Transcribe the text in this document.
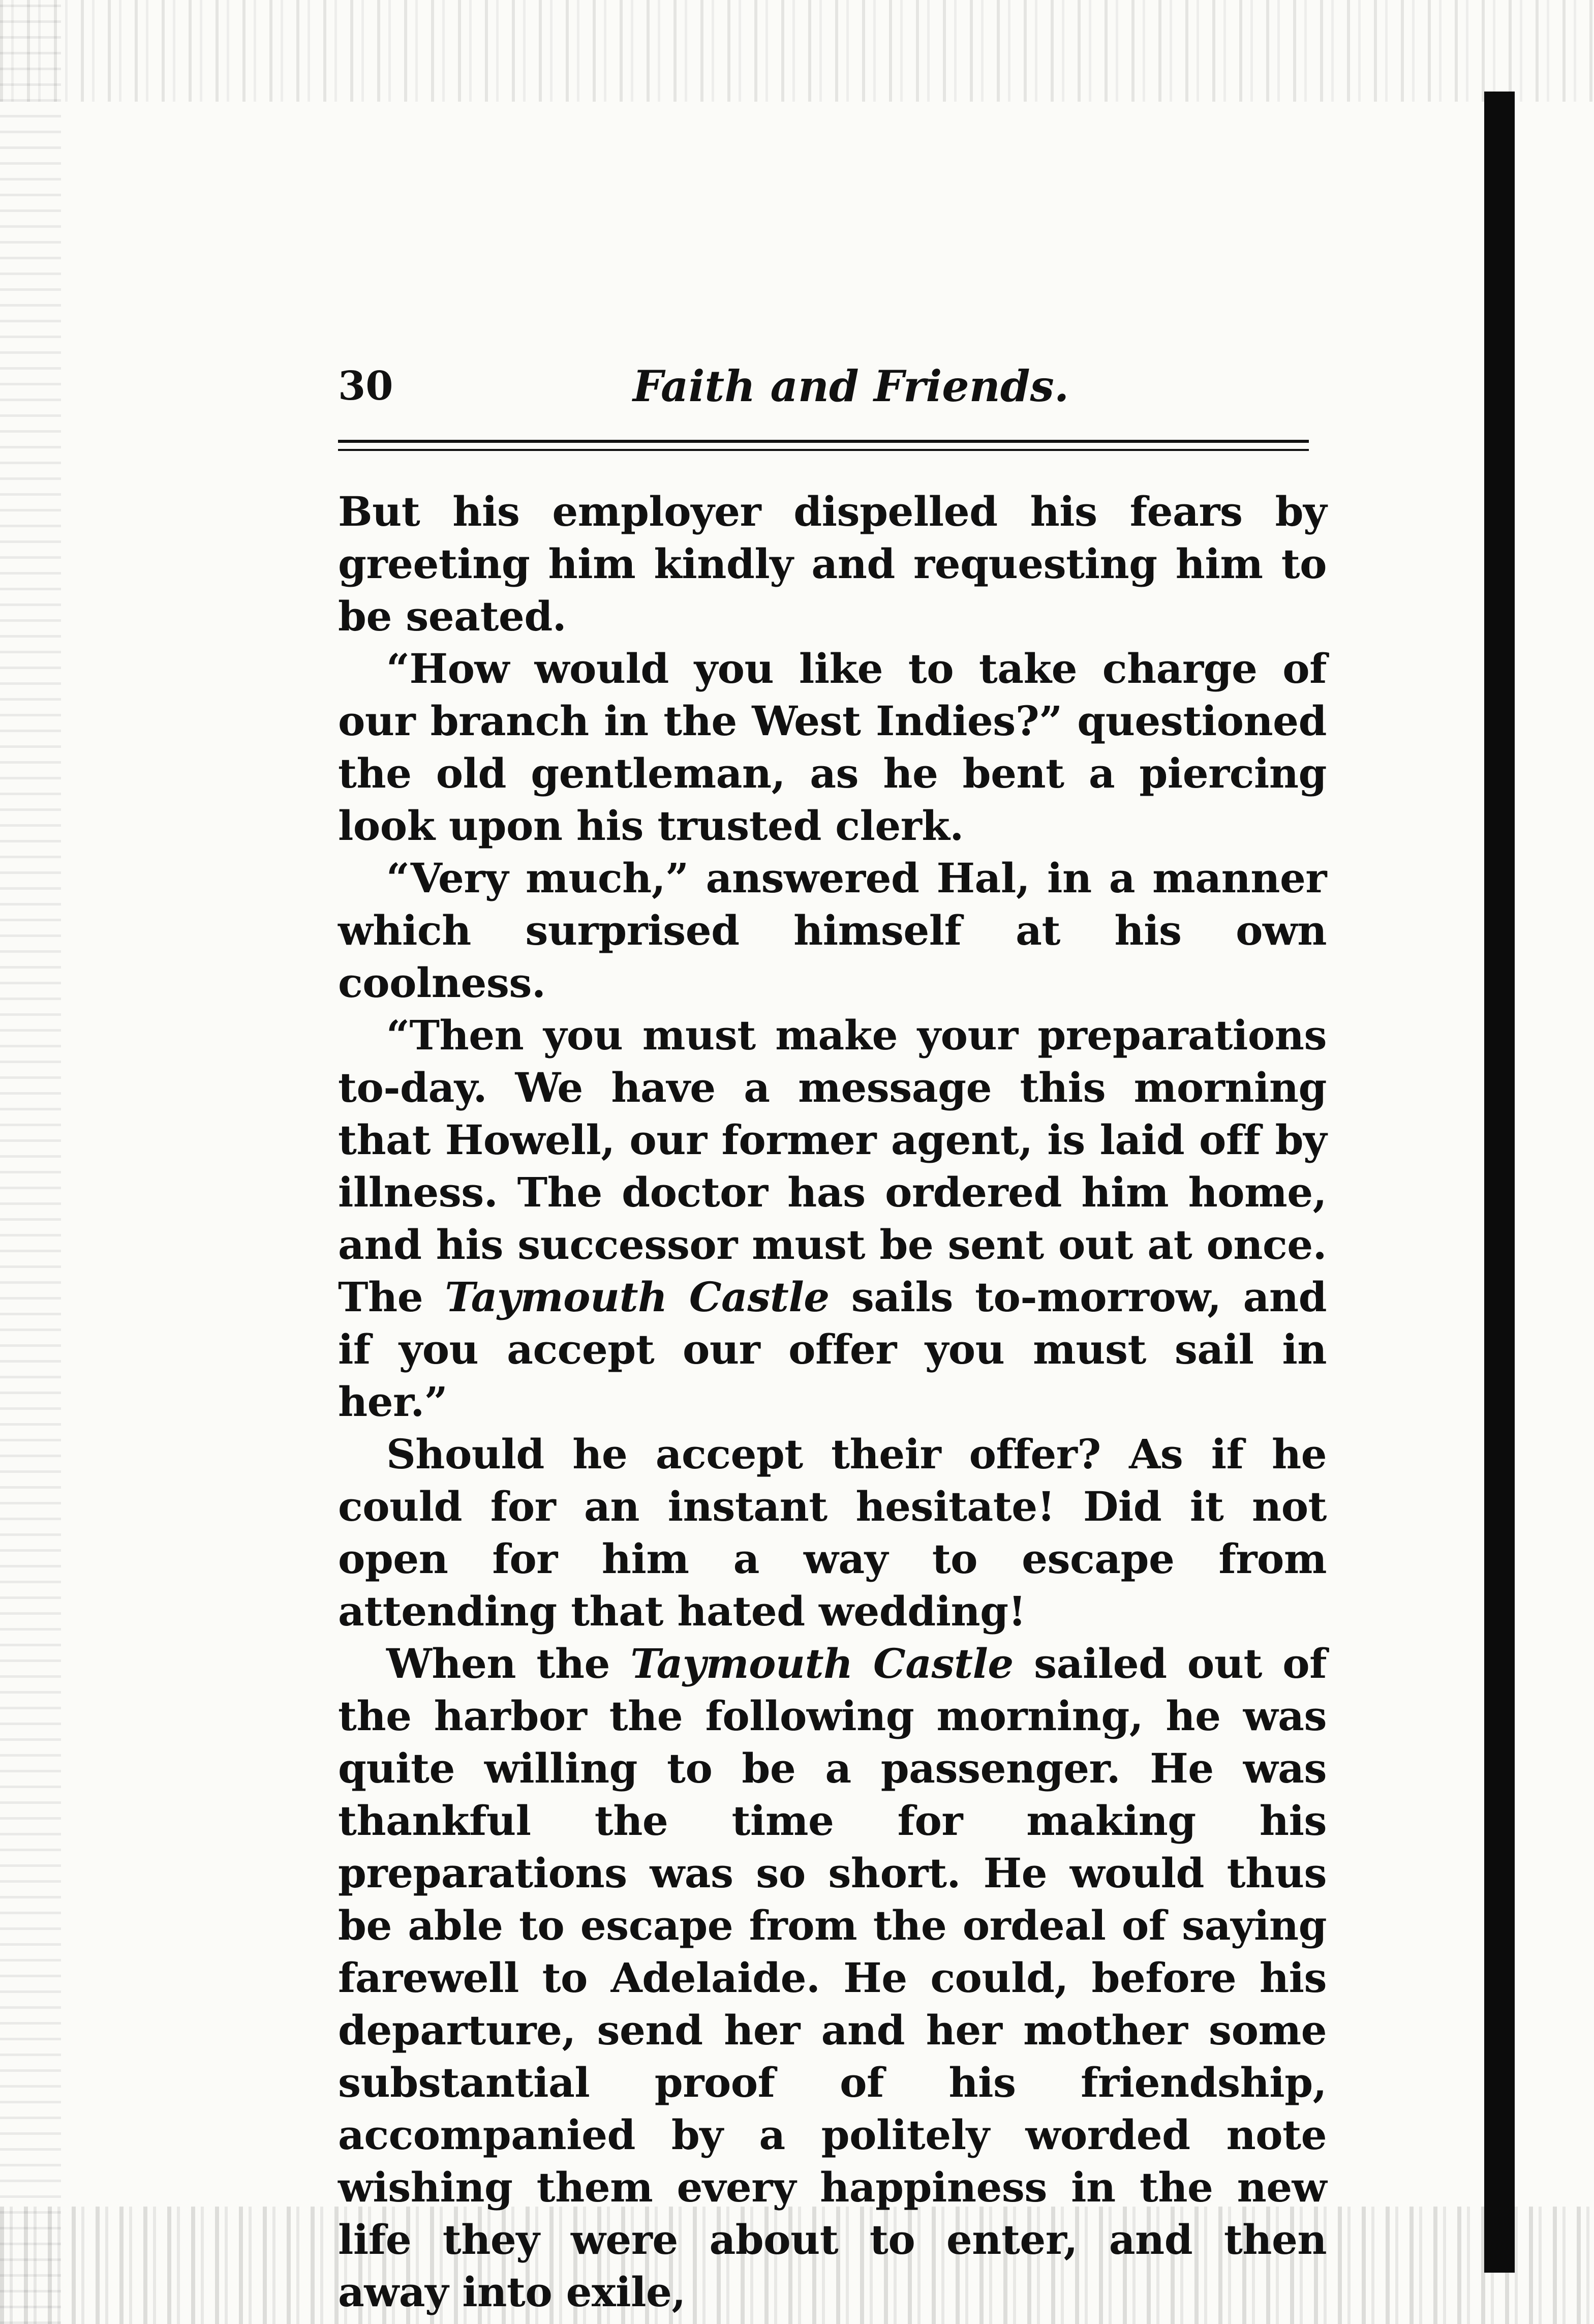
30	Faith and Friends.

But his employer dispelled his fears by greeting him kindly and requesting him to be seated.

“How would you like to take charge of our branch in the West Indies?” questioned the old gentleman, as he bent a piercing look upon his trusted clerk.

“Very much,” answered Hal, in a manner which surprised himself at his own coolness.

“Then you must make your preparations to-day. We have a message this morning that Howell, our former agent, is laid off by illness. The doctor has ordered him home, and his successor must be sent out at once. The Taymouth Castle sails to-morrow, and if you accept our offer you must sail in her.”

Should he accept their offer? As if he could for an instant hesitate! Did it not open for him a way to escape from attending that hated wedding!

When the Taymouth Castle sailed out of the harbor the following morning, he was quite willing to be a passenger. He was thankful the time for making his preparations was so short. He would thus be able to escape from the ordeal of saying farewell to Adelaide. He could, before his departure, send her and her mother some substantial proof of his friendship, accompanied by a politely worded note wishing them every happiness in the new life they were about to enter, and then away into exile,
